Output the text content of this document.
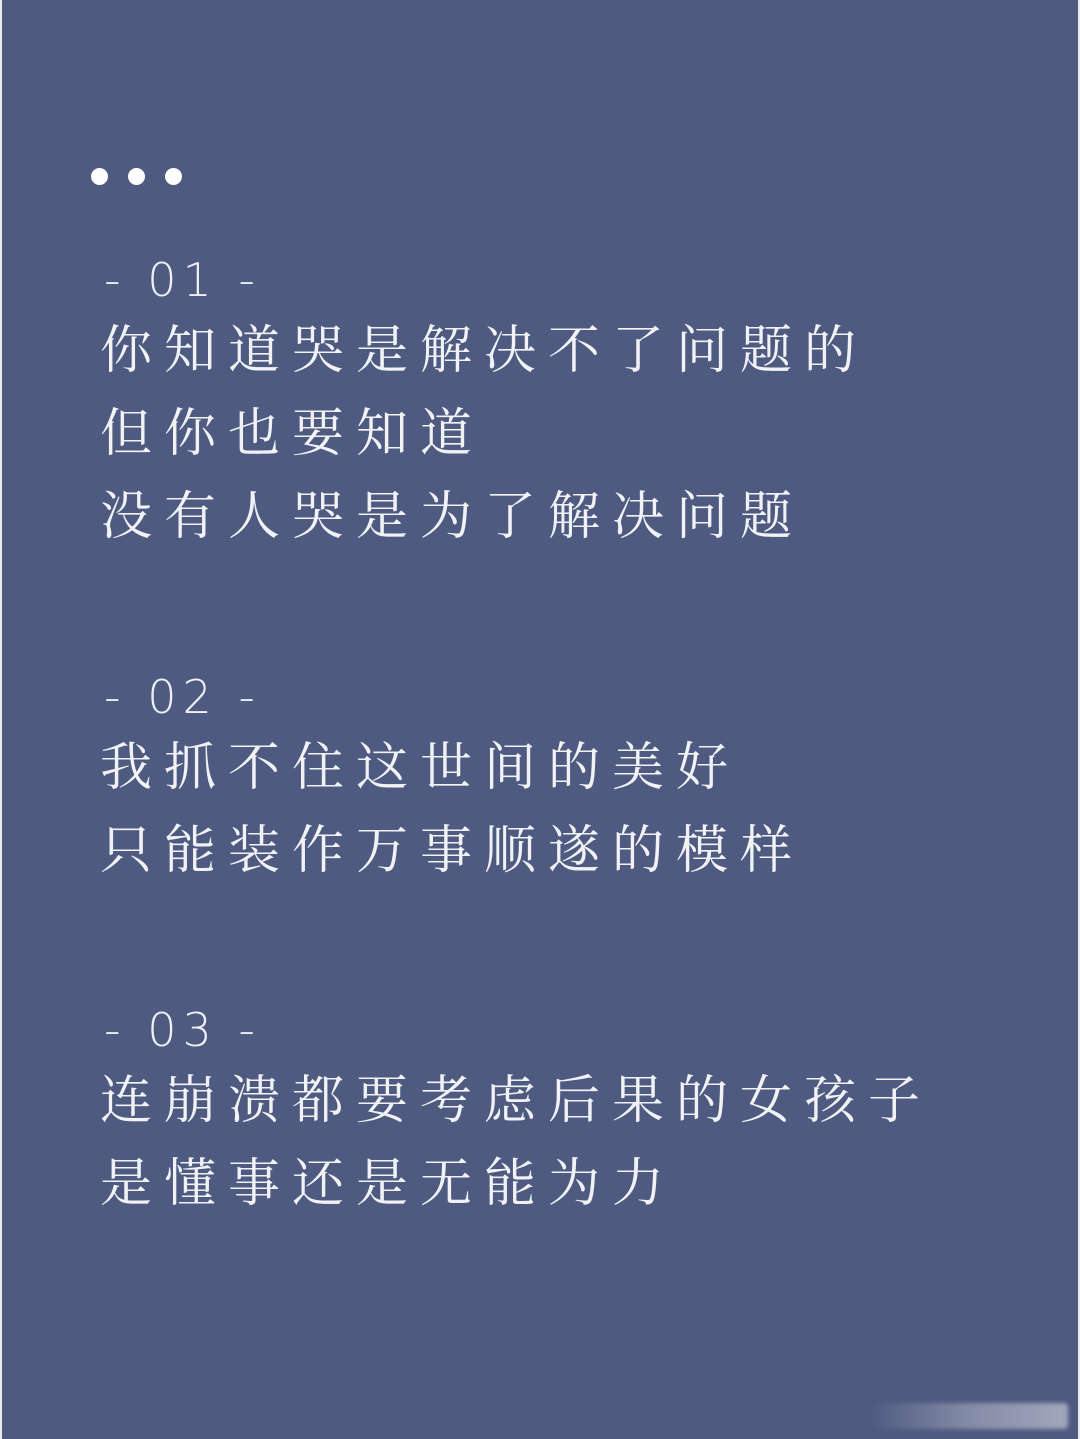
- 01 -
你知道哭是解决不了问题的
但你也要知道
没有人哭是为了解决问题
- 02 -
我抓不住这世间的美好
只能装作万事顺遂的模样
- 03 -
连崩溃都要考虑后果的女孩子
是懂事还是无能为力
